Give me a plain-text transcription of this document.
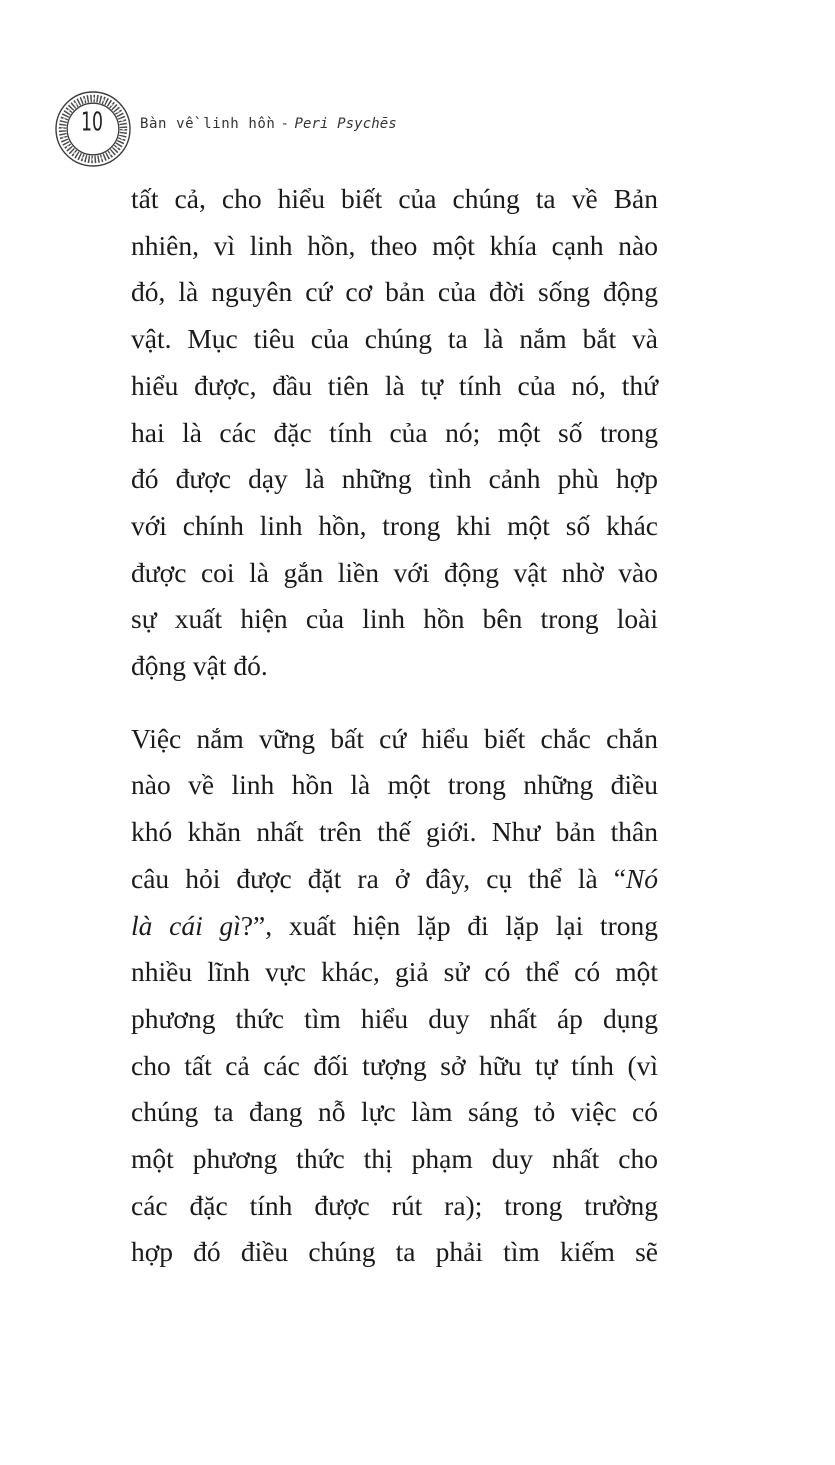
10	Bàn về linh hồn - Peri Psychēs
tất cả, cho hiểu biết của chúng ta về Bản
nhiên, vì linh hồn, theo một khía cạnh nào
đó, là nguyên cứ cơ bản của đời sống động
vật. Mục tiêu của chúng ta là nắm bắt và
hiểu được, đầu tiên là tự tính của nó, thứ
hai là các đặc tính của nó; một số trong
đó được dạy là những tình cảnh phù hợp
với chính linh hồn, trong khi một số khác
được coi là gắn liền với động vật nhờ vào
sự xuất hiện của linh hồn bên trong loài
động vật đó.
Việc nắm vững bất cứ hiểu biết chắc chắn
nào về linh hồn là một trong những điều
khó khăn nhất trên thế giới. Như bản thân
câu hỏi được đặt ra ở đây, cụ thể là “Nó
là cái gì?”, xuất hiện lặp đi lặp lại trong
nhiều lĩnh vực khác, giả sử có thể có một
phương thức tìm hiểu duy nhất áp dụng
cho tất cả các đối tượng sở hữu tự tính (vì
chúng ta đang nỗ lực làm sáng tỏ việc có
một phương thức thị phạm duy nhất cho
các đặc tính được rút ra); trong trường
hợp đó điều chúng ta phải tìm kiếm sẽ
